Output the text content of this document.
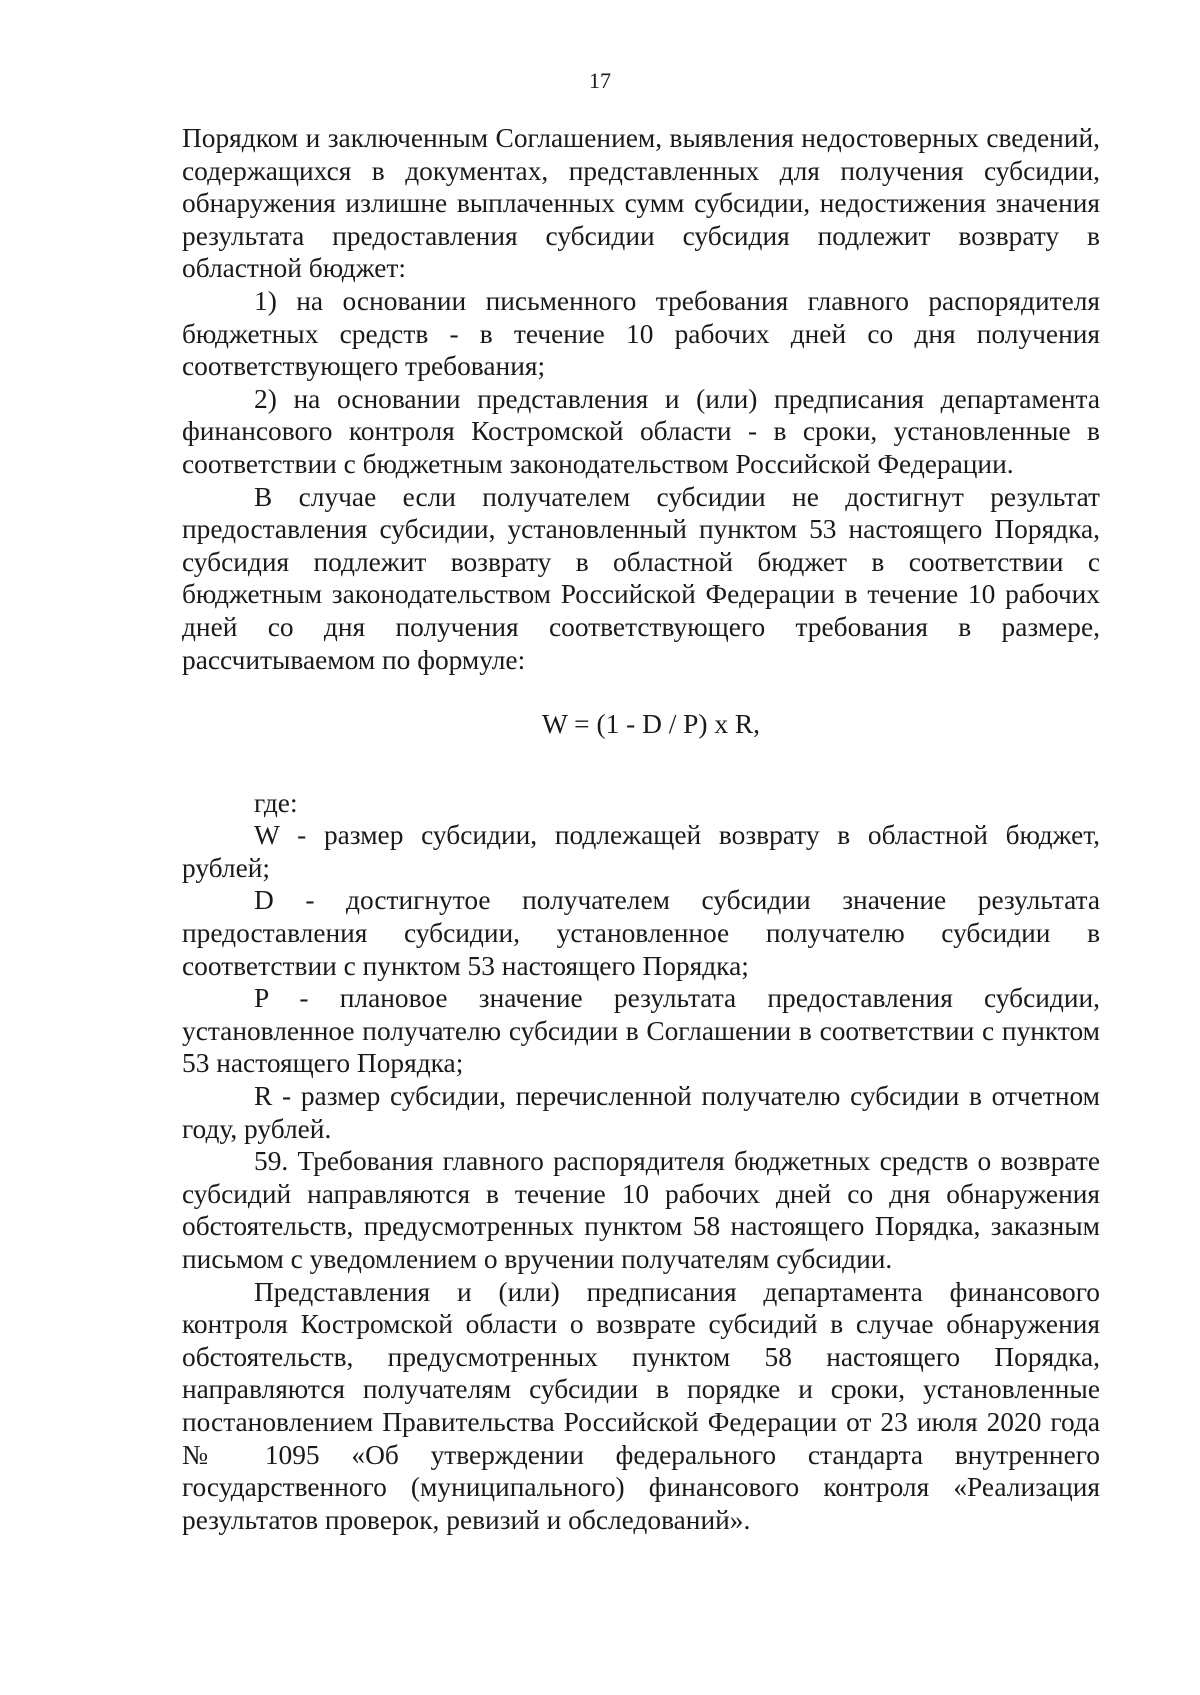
17

Порядком и заключенным Соглашением, выявления недостоверных сведений, содержащихся в документах, представленных для получения субсидии, обнаружения излишне выплаченных сумм субсидии, недостижения значения результата предоставления субсидии субсидия подлежит возврату в областной бюджет:

1) на основании письменного требования главного распорядителя бюджетных средств - в течение 10 рабочих дней со дня получения соответствующего требования;

2) на основании представления и (или) предписания департамента финансового контроля Костромской области - в сроки, установленные в соответствии с бюджетным законодательством Российской Федерации.

В случае если получателем субсидии не достигнут результат предоставления субсидии, установленный пунктом 53 настоящего Порядка, субсидия подлежит возврату в областной бюджет в соответствии с бюджетным законодательством Российской Федерации в течение 10 рабочих дней со дня получения соответствующего требования в размере, рассчитываемом по формуле:

W = (1 - D / P) x R,

где:

W - размер субсидии, подлежащей возврату в областной бюджет, рублей;

D - достигнутое получателем субсидии значение результата предоставления субсидии, установленное получателю субсидии в соответствии с пунктом 53 настоящего Порядка;

P - плановое значение результата предоставления субсидии, установленное получателю субсидии в Соглашении в соответствии с пунктом 53 настоящего Порядка;

R - размер субсидии, перечисленной получателю субсидии в отчетном году, рублей.

59. Требования главного распорядителя бюджетных средств о возврате субсидий направляются в течение 10 рабочих дней со дня обнаружения обстоятельств, предусмотренных пунктом 58 настоящего Порядка, заказным письмом с уведомлением о вручении получателям субсидии.

Представления и (или) предписания департамента финансового контроля Костромской области о возврате субсидий в случае обнаружения обстоятельств, предусмотренных пунктом 58 настоящего Порядка, направляются получателям субсидии в порядке и сроки, установленные постановлением Правительства Российской Федерации от 23 июля 2020 года № 1095 «Об утверждении федерального стандарта внутреннего государственного (муниципального) финансового контроля «Реализация результатов проверок, ревизий и обследований».
